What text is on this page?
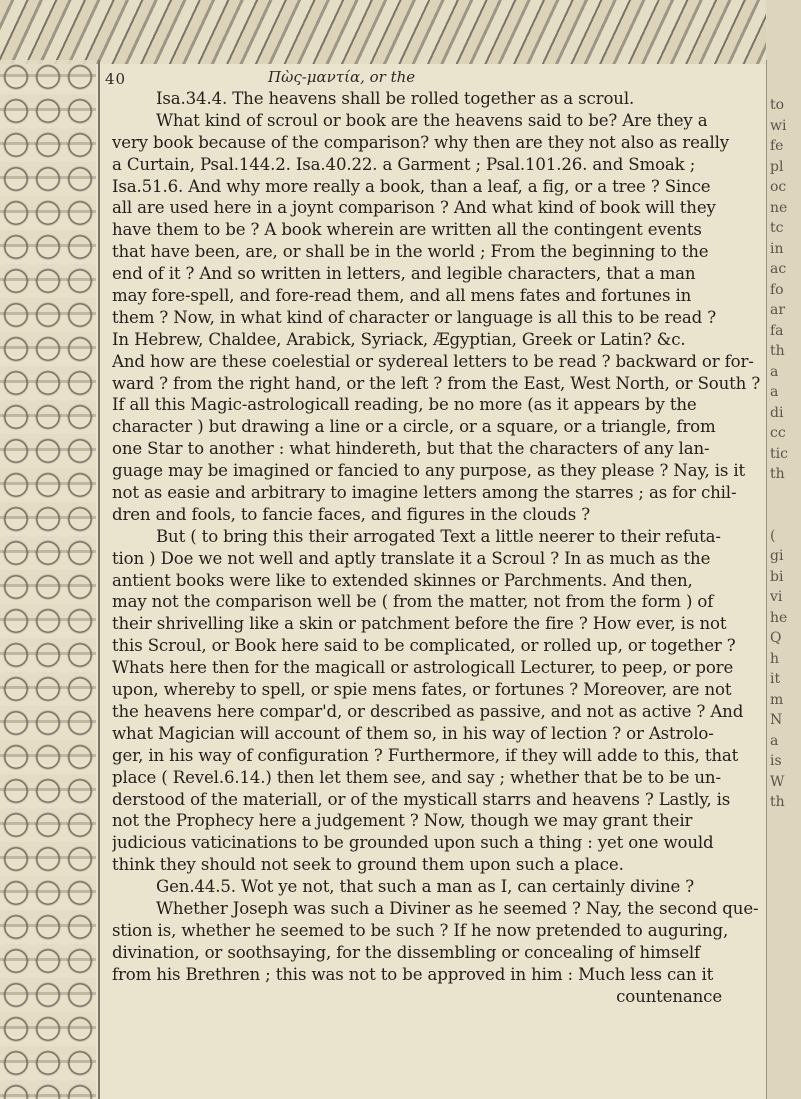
to
wi
fe
pl
oc
ne
tc
in
ac
fo
ar
fa
th
a
a
di
cc
tic
th
(
gi
bi
vi
he
Q
h
it
m
N
a
is
W
th
40	Πὼς-μαντία, or the
Isa.34.4. The heavens shall be rolled together as a scroul.
What kind of scroul or book are the heavens said to be? Are they a
very book because of the comparison? why then are they not also as really
a Curtain, Psal.144.2. Isa.40.22. a Garment ; Psal.101.26. and Smoak ;
Isa.51.6. And why more really a book, than a leaf, a fig, or a tree ? Since
all are used here in a joynt comparison ? And what kind of book will they
have them to be ? A book wherein are written all the contingent events
that have been, are, or shall be in the world ; From the beginning to the
end of it ? And so written in letters, and legible characters, that a man
may fore-spell, and fore-read them, and all mens fates and fortunes in
them ? Now, in what kind of character or language is all this to be read ?
In Hebrew, Chaldee, Arabick, Syriack, Ægyptian, Greek or Latin? &c.
And how are these coelestial or sydereal letters to be read ? backward or for-
ward ? from the right hand, or the left ? from the East, West North, or South ?
If all this Magic-astrologicall reading, be no more (as it appears by the
character ) but drawing a line or a circle, or a square, or a triangle, from
one Star to another : what hindereth, but that the characters of any lan-
guage may be imagined or fancied to any purpose, as they please ? Nay, is it
not as easie and arbitrary to imagine letters among the starres ; as for chil-
dren and fools, to fancie faces, and figures in the clouds ?
But ( to bring this their arrogated Text a little neerer to their refuta-
tion ) Doe we not well and aptly translate it a Scroul ? In as much as the
antient books were like to extended skinnes or Parchments. And then,
may not the comparison well be ( from the matter, not from the form ) of
their shrivelling like a skin or patchment before the fire ? How ever, is not
this Scroul, or Book here said to be complicated, or rolled up, or together ?
Whats here then for the magicall or astrologicall Lecturer, to peep, or pore
upon, whereby to spell, or spie mens fates, or fortunes ? Moreover, are not
the heavens here compar'd, or described as passive, and not as active ? And
what Magician will account of them so, in his way of lection ? or Astrolo-
ger, in his way of configuration ? Furthermore, if they will adde to this, that
place ( Revel.6.14.) then let them see, and say ; whether that be to be un-
derstood of the materiall, or of the mysticall starrs and heavens ? Lastly, is
not the Prophecy here a judgement ? Now, though we may grant their
judicious vaticinations to be grounded upon such a thing : yet one would
think they should not seek to ground them upon such a place.
Gen.44.5. Wot ye not, that such a man as I, can certainly divine ?
Whether Joseph was such a Diviner as he seemed ? Nay, the second que-
stion is, whether he seemed to be such ? If he now pretended to auguring,
divination, or soothsaying, for the dissembling or concealing of himself
from his Brethren ; this was not to be approved in him : Much less can it
countenance
